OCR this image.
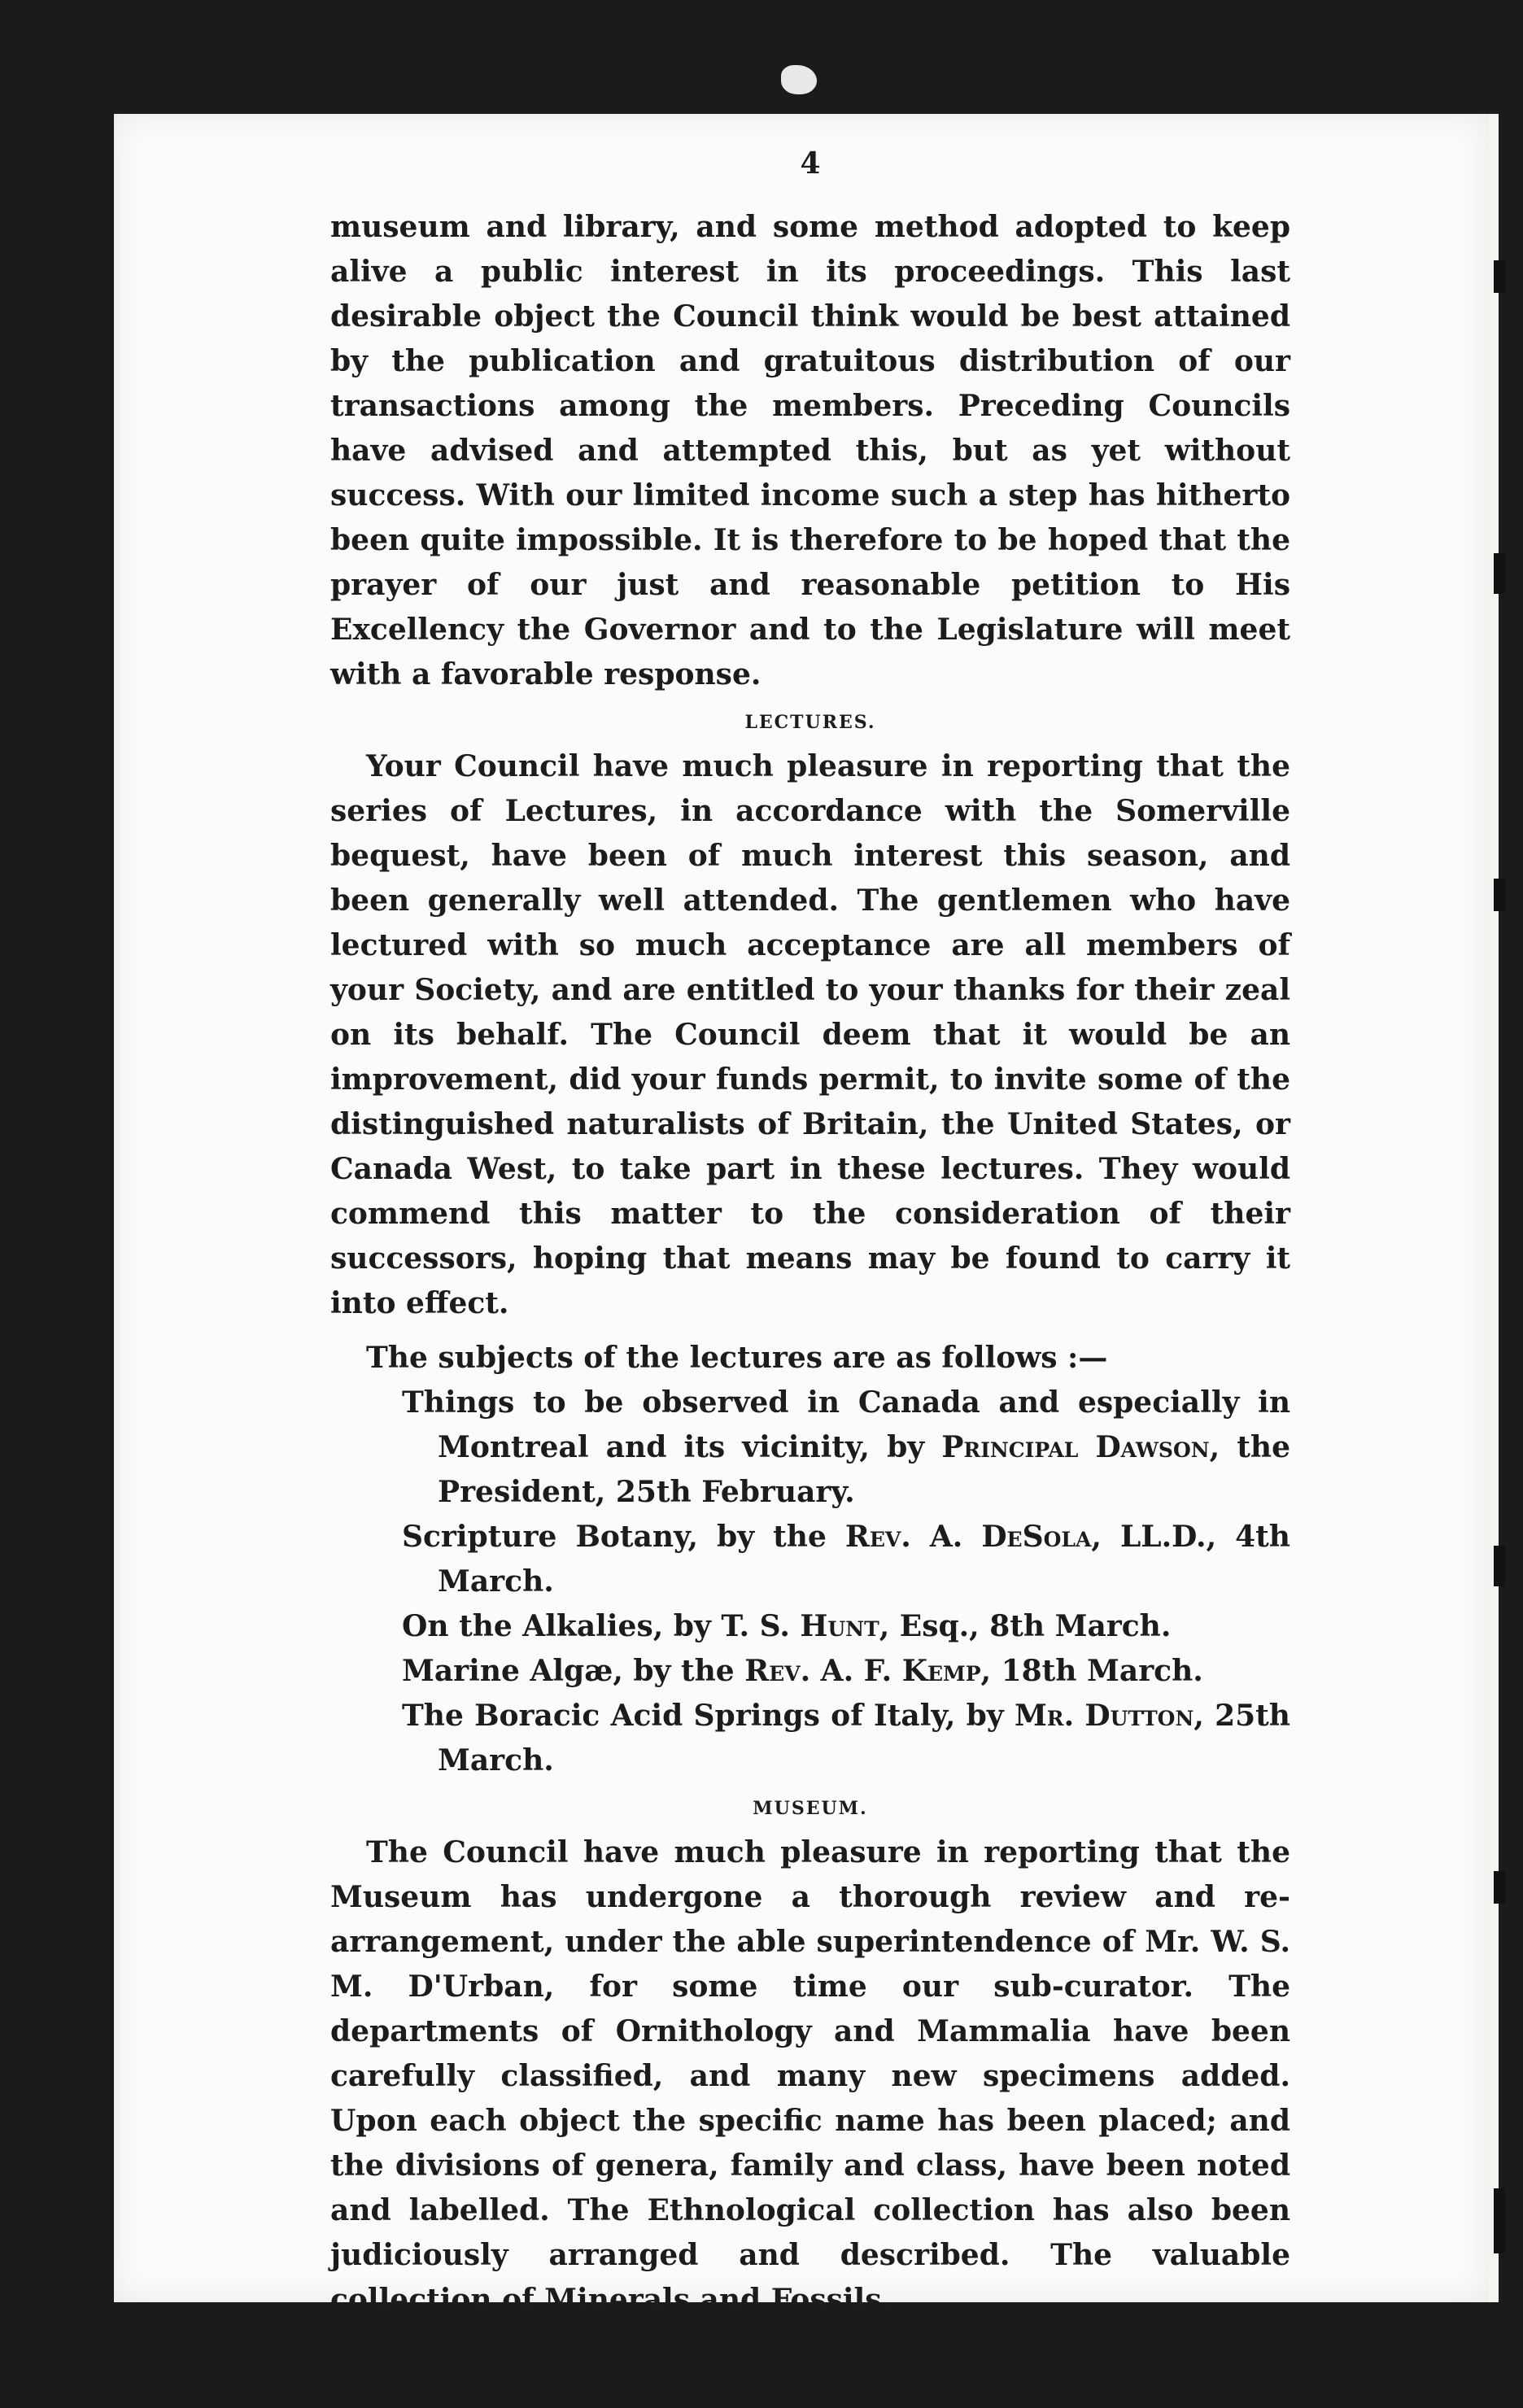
4

museum and library, and some method adopted to keep alive a public interest in its proceedings. This last desirable object the Council think would be best attained by the publication and gratuitous distribution of our transactions among the members. Preceding Councils have advised and attempted this, but as yet without success. With our limited income such a step has hitherto been quite impossible. It is therefore to be hoped that the prayer of our just and reasonable petition to His Excellency the Governor and to the Legislature will meet with a favorable response.

LECTURES.

Your Council have much pleasure in reporting that the series of Lectures, in accordance with the Somerville bequest, have been of much interest this season, and been generally well attended. The gentlemen who have lectured with so much acceptance are all members of your Society, and are entitled to your thanks for their zeal on its behalf. The Council deem that it would be an improvement, did your funds permit, to invite some of the distinguished naturalists of Britain, the United States, or Canada West, to take part in these lectures. They would commend this matter to the consideration of their successors, hoping that means may be found to carry it into effect.

The subjects of the lectures are as follows :—

Things to be observed in Canada and especially in Montreal and its vicinity, by Principal Dawson, the President, 25th February.
Scripture Botany, by the Rev. A. DeSola, LL.D., 4th March.
On the Alkalies, by T. S. Hunt, Esq., 8th March.
Marine Algæ, by the Rev. A. F. Kemp, 18th March.
The Boracic Acid Springs of Italy, by Mr. Dutton, 25th March.
MUSEUM.

The Council have much pleasure in reporting that the Museum has undergone a thorough review and re-arrangement, under the able superintendence of Mr. W. S. M. D'Urban, for some time our sub-curator. The departments of Ornithology and Mammalia have been carefully classified, and many new specimens added. Upon each object the specific name has been placed; and the divisions of genera, family and class, have been noted and labelled. The Ethnological collection has also been judiciously arranged and described. The valuable collection of Minerals and Fossils,
